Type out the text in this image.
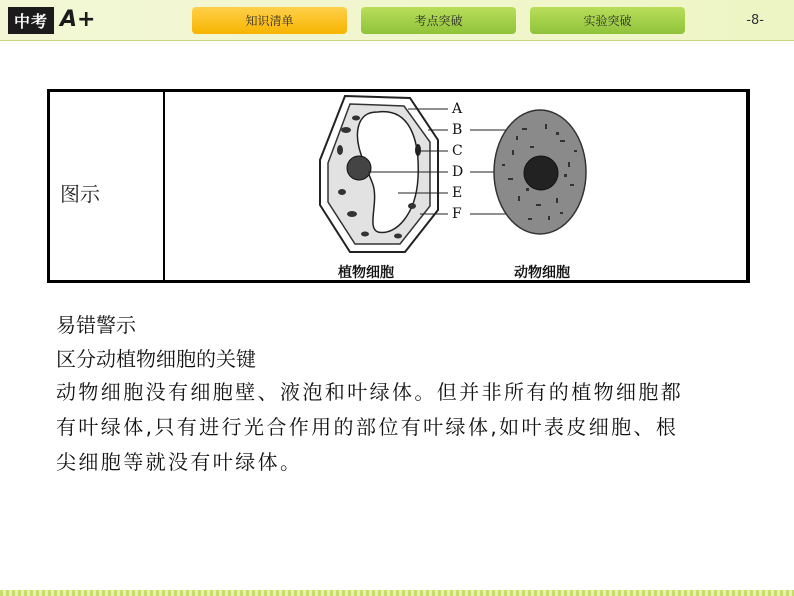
中考 A+	知识清单	考点突破	实验突破	-8-
图示
A
B
C
D
E
F
植物细胞	动物细胞
易错警示
区分动植物细胞的关键
动物细胞没有细胞壁、液泡和叶绿体。但并非所有的植物细胞都
有叶绿体,只有进行光合作用的部位有叶绿体,如叶表皮细胞、根
尖细胞等就没有叶绿体。
